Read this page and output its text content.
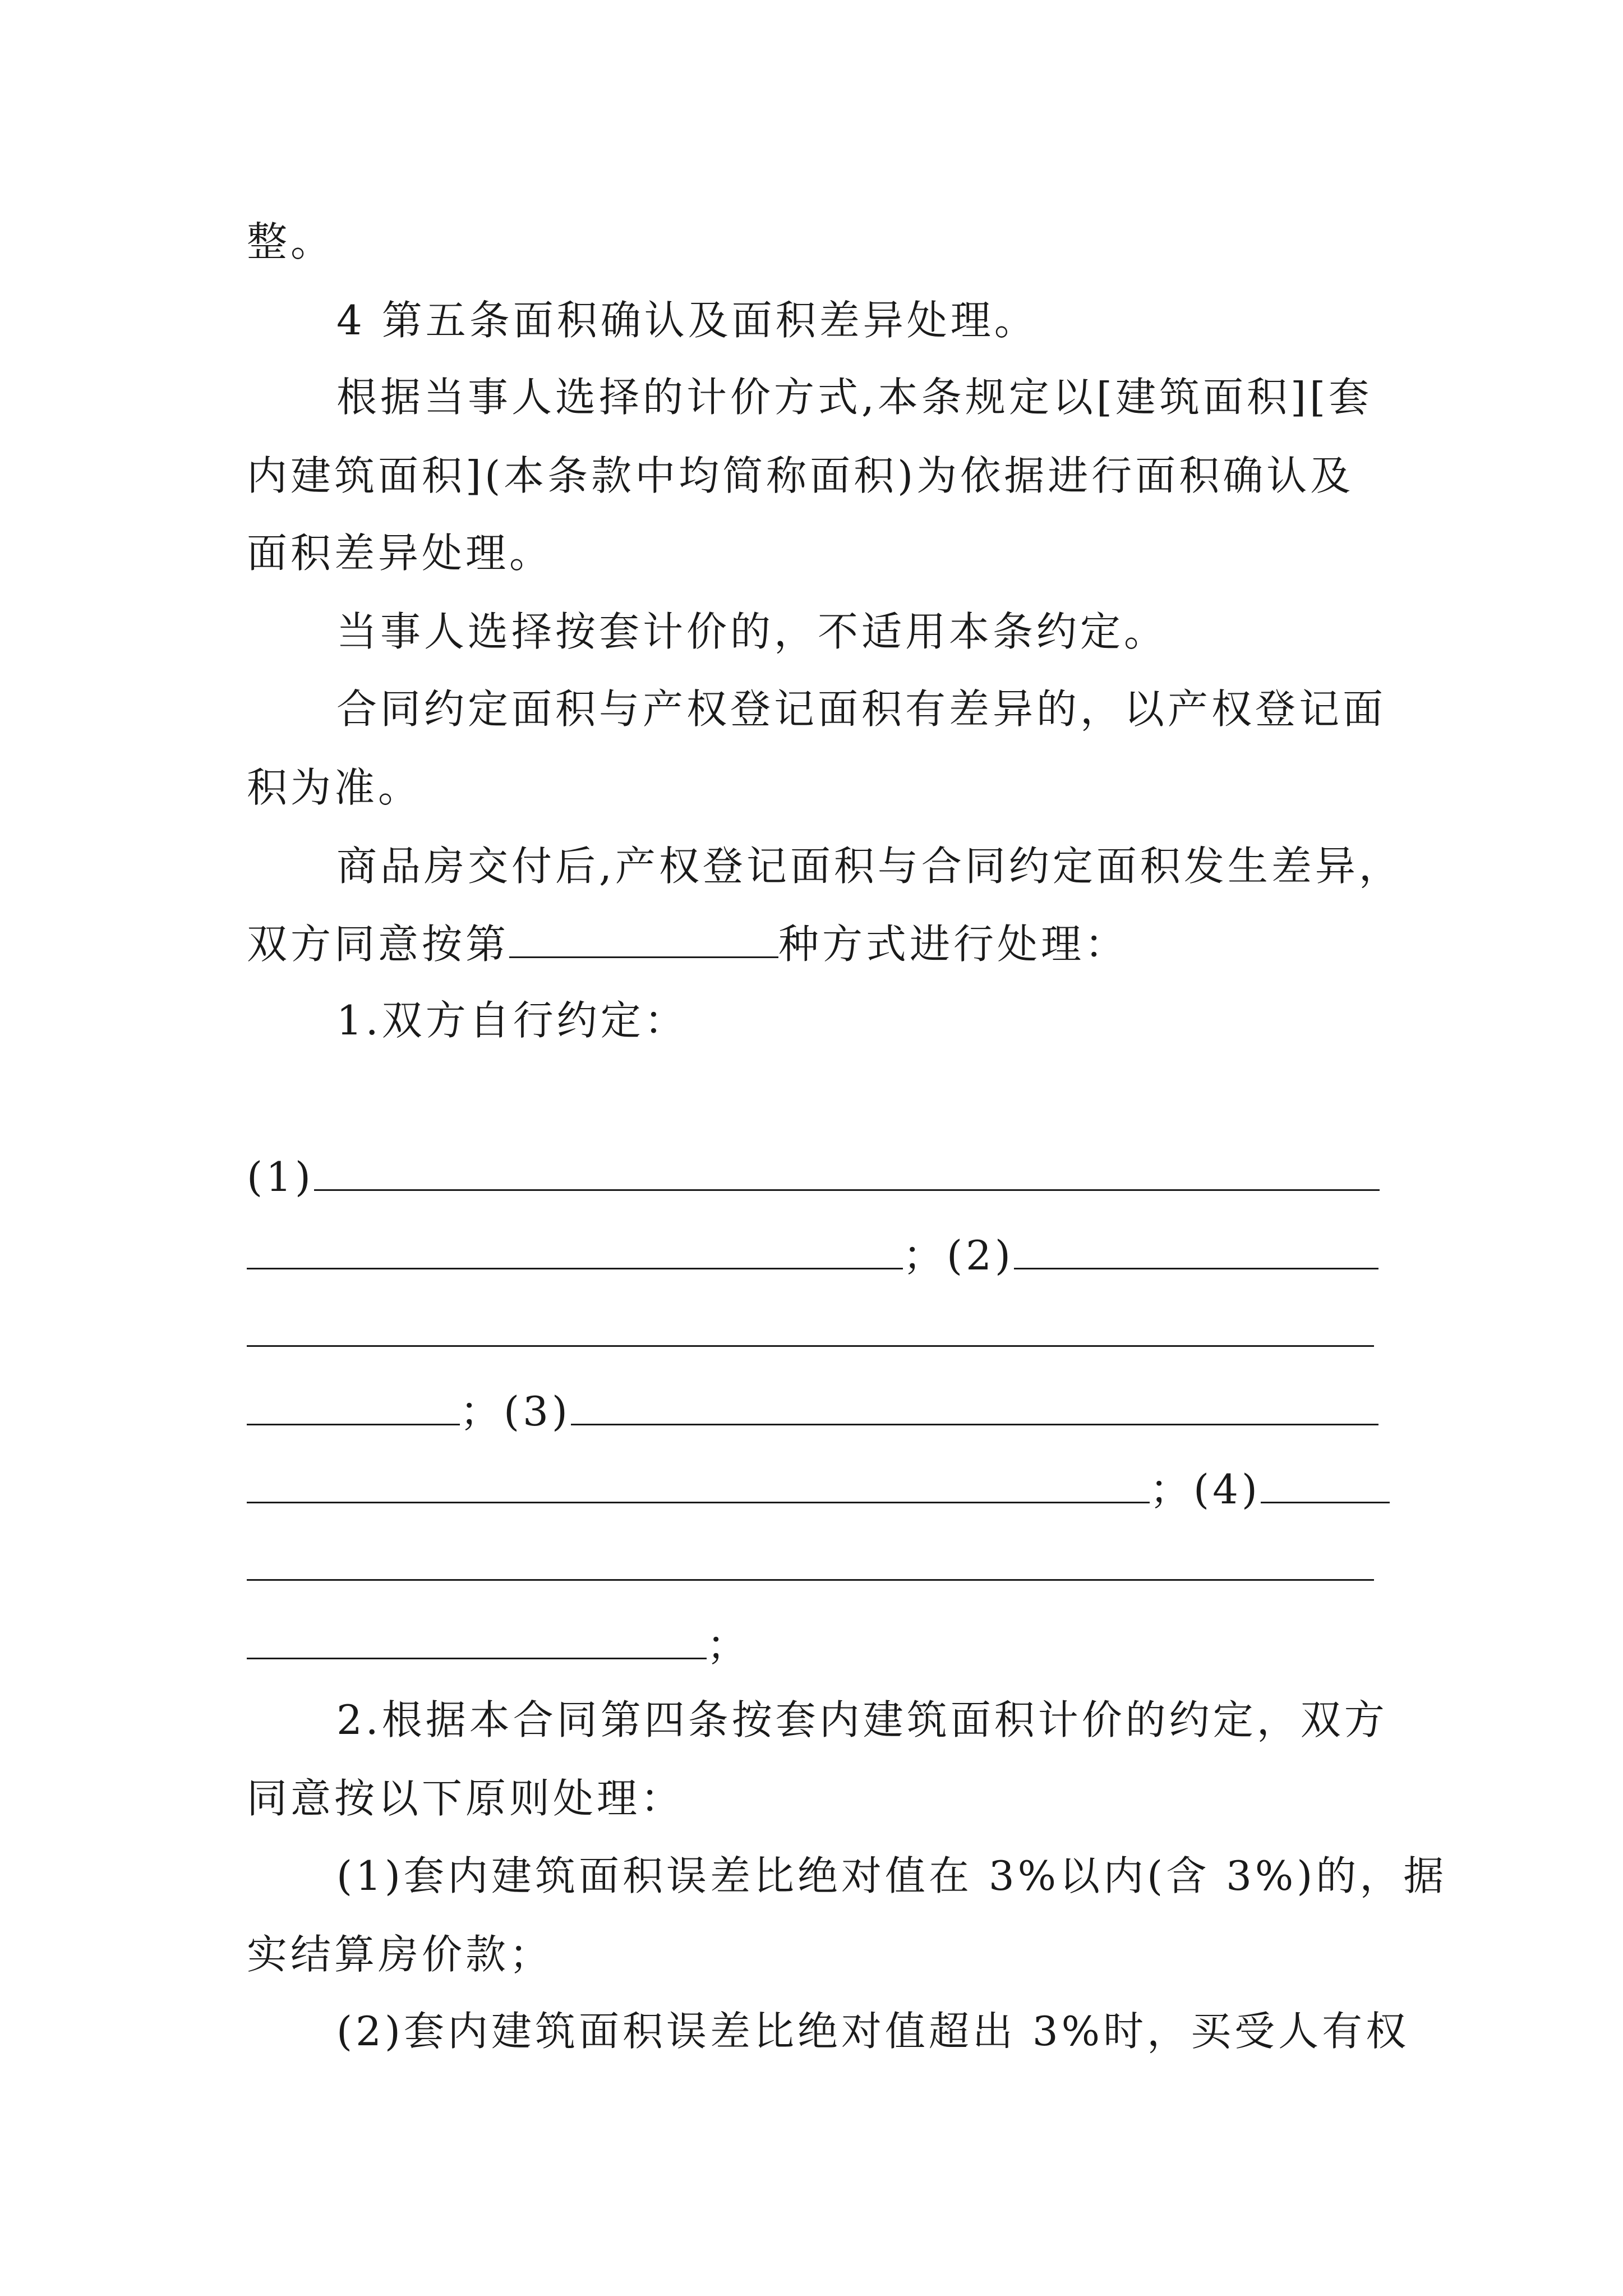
整。
4 第五条面积确认及面积差异处理。
根据当事人选择的计价方式,本条规定以[建筑面积][套
内建筑面积](本条款中均简称面积)为依据进行面积确认及
面积差异处理。
当事人选择按套计价的，不适用本条约定。
合同约定面积与产权登记面积有差异的，以产权登记面
积为准。
商品房交付后,产权登记面积与合同约定面积发生差异，
双方同意按第	种方式进行处理：
1.双方自行约定：
(1)
；(2)
；(3)
；(4)
；
2.根据本合同第四条按套内建筑面积计价的约定，双方
同意按以下原则处理：
(1)套内建筑面积误差比绝对值在 3%以内(含 3%)的，据
实结算房价款；
(2)套内建筑面积误差比绝对值超出 3%时，买受人有权
